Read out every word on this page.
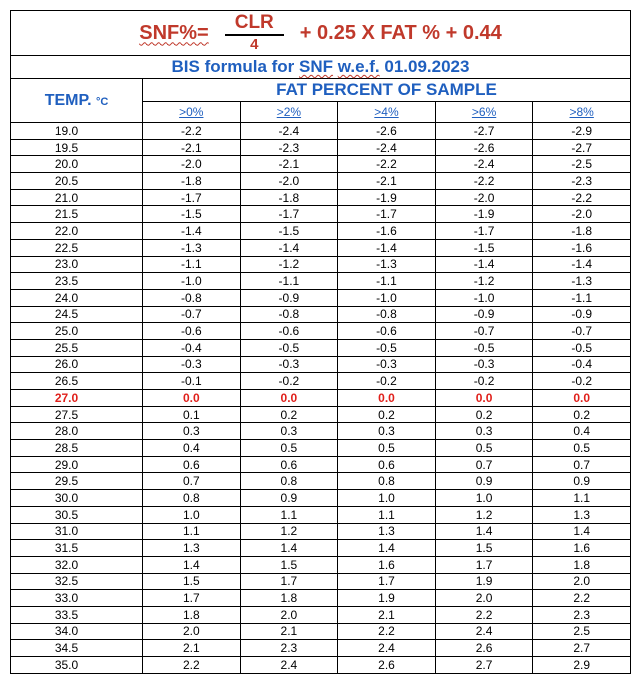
$SNF\%= \frac{\text{CLR}}{4} + 0.25$ X FAT % + 0.44					

BIS formula for SNF w.e.f. 01.09.2023					
TEMP. °C	FAT PERCENT OF SAMPLE				
	>0%	>2%	>4%	>6%	>8%
19.0	-2.2	-2.4	-2.6	-2.7	-2.9
19.5	-2.1	-2.3	-2.4	-2.6	-2.7
20.0	-2.0	-2.1	-2.2	-2.4	-2.5
20.5	-1.8	-2.0	-2.1	-2.2	-2.3
21.0	-1.7	-1.8	-1.9	-2.0	-2.2
21.5	-1.5	-1.7	-1.7	-1.9	-2.0
22.0	-1.4	-1.5	-1.6	-1.7	-1.8
22.5	-1.3	-1.4	-1.4	-1.5	-1.6
23.0	-1.1	-1.2	-1.3	-1.4	-1.4
23.5	-1.0	-1.1	-1.1	-1.2	-1.3
24.0	-0.8	-0.9	-1.0	-1.0	-1.1
24.5	-0.7	-0.8	-0.8	-0.9	-0.9
25.0	-0.6	-0.6	-0.6	-0.7	-0.7
25.5	-0.4	-0.5	-0.5	-0.5	-0.5
26.0	-0.3	-0.3	-0.3	-0.3	-0.4
26.5	-0.1	-0.2	-0.2	-0.2	-0.2
27.0	0.0	0.0	0.0	0.0	0.0
27.5	0.1	0.2	0.2	0.2	0.2
28.0	0.3	0.3	0.3	0.3	0.4
28.5	0.4	0.5	0.5	0.5	0.5
29.0	0.6	0.6	0.6	0.7	0.7
29.5	0.7	0.8	0.8	0.9	0.9
30.0	0.8	0.9	1.0	1.0	1.1
30.5	1.0	1.1	1.1	1.2	1.3
31.0	1.1	1.2	1.3	1.4	1.4
31.5	1.3	1.4	1.4	1.5	1.6
32.0	1.4	1.5	1.6	1.7	1.8
32.5	1.5	1.7	1.7	1.9	2.0
33.0	1.7	1.8	1.9	2.0	2.2
33.5	1.8	2.0	2.1	2.2	2.3
34.0	2.0	2.1	2.2	2.4	2.5
34.5	2.1	2.3	2.4	2.6	2.7
35.0	2.2	2.4	2.6	2.7	2.9
